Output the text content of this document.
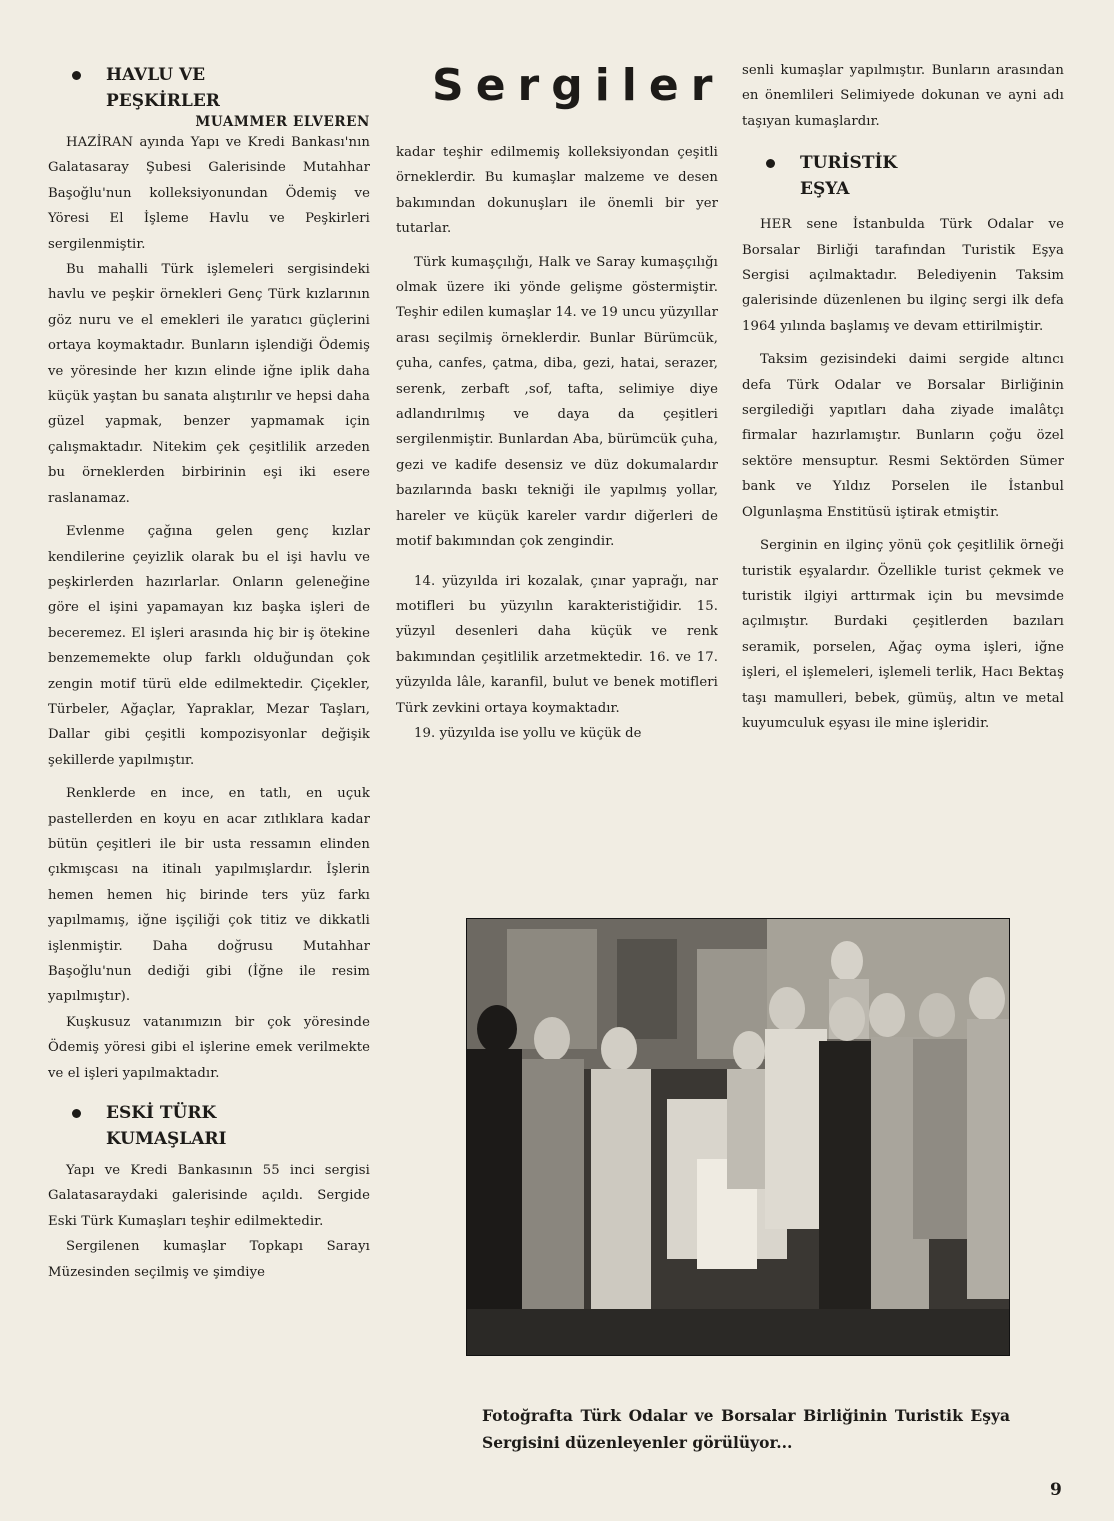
Sergiler
HAVLU VE
PEŞKİRLER

MUAMMER ELVEREN

HAZİRAN ayında Yapı ve Kredi Bankası'nın Galatasaray Şubesi Galerisinde Mutahhar Başoğlu'nun kolleksiyonundan Ödemiş ve Yöresi El İşleme Havlu ve Peşkirleri sergilenmiştir.

Bu mahalli Türk işlemeleri sergisindeki havlu ve peşkir örnekleri Genç Türk kızlarının göz nuru ve el emekleri ile yaratıcı güçlerini ortaya koymaktadır. Bunların işlendiği Ödemiş ve yöresinde her kızın elinde iğne iplik daha küçük yaştan bu sanata alıştırılır ve hepsi daha güzel yapmak, benzer yapmamak için çalışmaktadır. Nitekim çek çeşitlilik arzeden bu örneklerden birbirinin eşi iki esere raslanamaz.

Evlenme çağına gelen genç kızlar kendilerine çeyizlik olarak bu el işi havlu ve peşkirlerden hazırlarlar. Onların geleneğine göre el işini yapamayan kız başka işleri de beceremez. El işleri arasında hiç bir iş ötekine benzememekte olup farklı olduğundan çok zengin motif türü elde edilmektedir. Çiçekler, Türbeler, Ağaçlar, Yapraklar, Mezar Taşları, Dallar gibi çeşitli kompozisyonlar değişik şekillerde yapılmıştır.

Renklerde en ince, en tatlı, en uçuk pastellerden en koyu en acar zıtlıklara kadar bütün çeşitleri ile bir usta ressamın elinden çıkmışcası na itinalı yapılmışlardır. İşlerin hemen hemen hiç birinde ters yüz farkı yapılmamış, iğne işçiliği çok titiz ve dikkatli işlenmiştir. Daha doğrusu Mutahhar Başoğlu'nun dediği gibi (İğne ile resim yapılmıştır).

Kuşkusuz vatanımızın bir çok yöresinde Ödemiş yöresi gibi el işlerine emek verilmekte ve el işleri yapılmaktadır.

ESKİ TÜRK
KUMAŞLARI

Yapı ve Kredi Bankasının 55 inci sergisi Galatasaraydaki galerisinde açıldı. Sergide Eski Türk Kumaşları teşhir edilmektedir.

Sergilenen kumaşlar Topkapı Sarayı Müzesinden seçilmiş ve şimdiye

kadar teşhir edilmemiş kolleksiyondan çeşitli örneklerdir. Bu kumaşlar malzeme ve desen bakımından dokunuşları ile önemli bir yer tutarlar.

Türk kumaşçılığı, Halk ve Saray kumaşçılığı olmak üzere iki yönde gelişme göstermiştir. Teşhir edilen kumaşlar 14. ve 19 uncu yüzyıllar arası seçilmiş örneklerdir. Bunlar Bürümcük, çuha, canfes, çatma, diba, gezi, hatai, serazer, serenk, zerbaft ,sof, tafta, selimiye diye adlandırılmış ve daya da çeşitleri sergilenmiştir. Bunlardan Aba, bürümcük çuha, gezi ve kadife desensiz ve düz dokumalardır bazılarında baskı tekniği ile yapılmış yollar, hareler ve küçük kareler vardır diğerleri de motif bakımından çok zengindir.

14. yüzyılda iri kozalak, çınar yaprağı, nar motifleri bu yüzyılın karakteristiğidir. 15. yüzyıl desenleri daha küçük ve renk bakımından çeşitlilik arzetmektedir. 16. ve 17. yüzyılda lâle, karanfil, bulut ve benek motifleri Türk zevkini ortaya koymaktadır.

19. yüzyılda ise yollu ve küçük de

senli kumaşlar yapılmıştır. Bunların arasından en önemlileri Selimiyede dokunan ve ayni adı taşıyan kumaşlardır.

TURİSTİK
EŞYA

HER sene İstanbulda Türk Odalar ve Borsalar Birliği tarafından Turistik Eşya Sergisi açılmaktadır. Belediyenin Taksim galerisinde düzenlenen bu ilginç sergi ilk defa 1964 yılında başlamış ve devam ettirilmiştir.

Taksim gezisindeki daimi sergide altıncı defa Türk Odalar ve Borsalar Birliğinin sergilediği yapıtları daha ziyade imalâtçı firmalar hazırlamıştır. Bunların çoğu özel sektöre mensuptur. Resmi Sektörden Sümer bank ve Yıldız Porselen ile İstanbul Olgunlaşma Enstitüsü iştirak etmiştir.

Serginin en ilginç yönü çok çeşitlilik örneği turistik eşyalardır. Özellikle turist çekmek ve turistik ilgiyi arttırmak için bu mevsimde açılmıştır. Burdaki çeşitlerden bazıları seramik, porselen, Ağaç oyma işleri, iğne işleri, el işlemeleri, işlemeli terlik, Hacı Bektaş taşı mamulleri, bebek, gümüş, altın ve metal kuyumculuk eşyası ile mine işleridir.

Fotoğrafta Türk Odalar ve Borsalar Birliğinin Turistik Eşya Sergisini düzenleyenler görülüyor...

9
